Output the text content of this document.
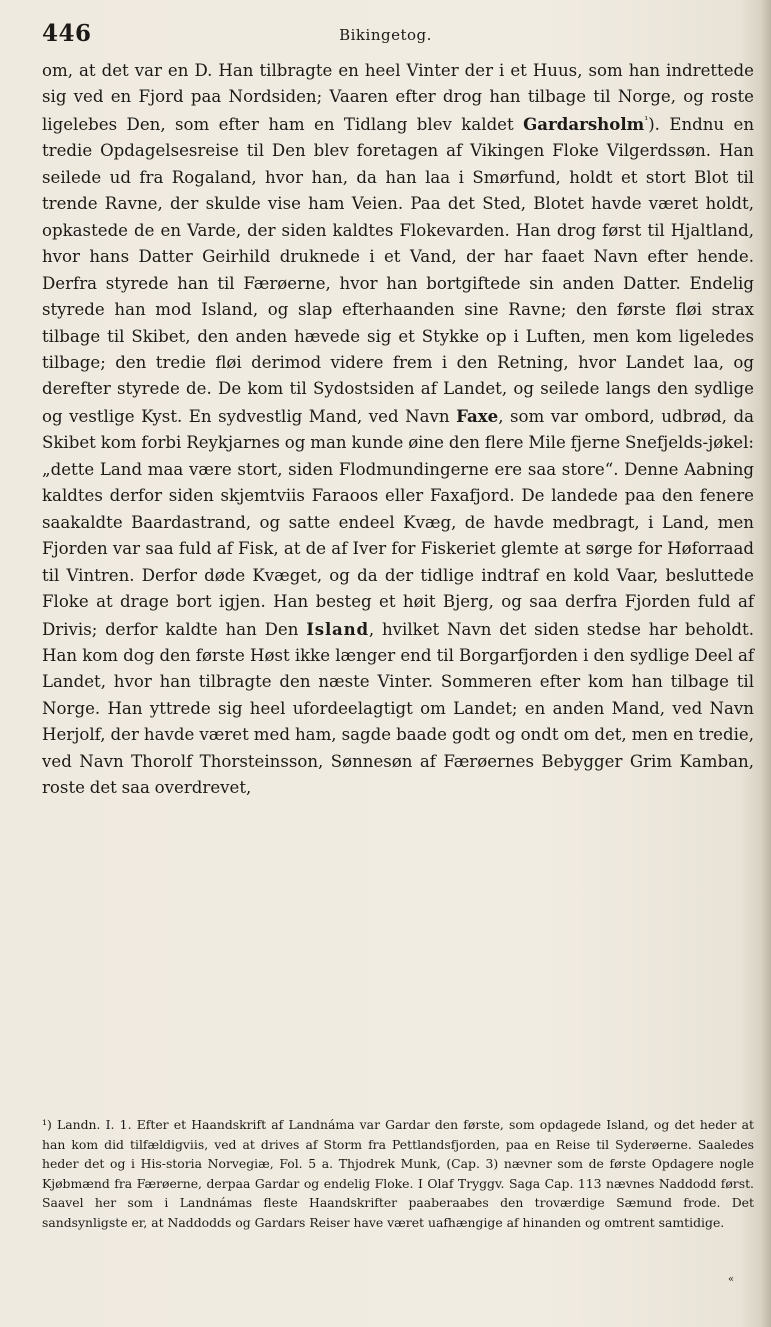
446	Bikingetog.

om, at det var en D. Han tilbragte en heel Vinter der i et Huus, som han indrettede sig ved en Fjord paa Nordsiden; Vaaren efter drog han tilbage til Norge, og roste ligelebes Den, som efter ham en Tidlang blev kaldet Gardarsholm$^{^1}$). Endnu en tredie Opdagelsesreise til Den blev foretagen af Vikingen Floke Vilgerdssøn. Han seilede ud fra Rogaland, hvor han, da han laa i Smørfund, holdt et stort Blot til trende Ravne, der skulde vise ham Veien. Paa det Sted, Blotet havde været holdt, opkastede de en Varde, der siden kaldtes Flokevarden. Han drog først til Hjaltland, hvor hans Datter Geirhild druknede i et Vand, der har faaet Navn efter hende. Derfra styrede han til Færøerne, hvor han bortgiftede sin anden Datter. Endelig styrede han mod Island, og slap efterhaanden sine Ravne; den første fløi strax tilbage til Skibet, den anden hævede sig et Stykke op i Luften, men kom ligeledes tilbage; den tredie fløi derimod videre frem i den Retning, hvor Landet laa, og derefter styrede de. De kom til Sydostsiden af Landet, og seilede langs den sydlige og vestlige Kyst. En sydvestlig Mand, ved Navn Faxe, som var ombord, udbrød, da Skibet kom forbi Reykjarnes og man kunde øine den flere Mile fjerne Snefjelds-jøkel: „dette Land maa være stort, siden Flodmundingerne ere saa store“. Denne Aabning kaldtes derfor siden skjemtviis Faraoos eller Faxafjord. De landede paa den fenere saakaldte Baardastrand, og satte endeel Kvæg, de havde medbragt, i Land, men Fjorden var saa fuld af Fisk, at de af Iver for Fiskeriet glemte at sørge for Høforraad til Vintren. Derfor døde Kvæget, og da der tidlige indtraf en kold Vaar, besluttede Floke at drage bort igjen. Han besteg et høit Bjerg, og saa derfra Fjorden fuld af Drivis; derfor kaldte han Den Island, hvilket Navn det siden stedse har beholdt. Han kom dog den første Høst ikke længer end til Borgarfjorden i den sydlige Deel af Landet, hvor han tilbragte den næste Vinter. Sommeren efter kom han tilbage til Norge. Han yttrede sig heel ufordeelagtigt om Landet; en anden Mand, ved Navn Herjolf, der havde været med ham, sagde baade godt og ondt om det, men en tredie, ved Navn Thorolf Thorsteinsson, Sønnesøn af Færøernes Bebygger Grim Kamban, roste det saa overdrevet,

¹) Landn. I. 1. Efter et Haandskrift af Landnáma var Gardar den første, som opdagede Island, og det heder at han kom did tilfældigviis, ved at drives af Storm fra Pettlandsfjorden, paa en Reise til Syderøerne. Saaledes heder det og i His-storia Norvegiæ, Fol. 5 a. Thjodrek Munk, (Cap. 3) nævner som de første Opdagere nogle Kjøbmænd fra Færøerne, derpaa Gardar og endelig Floke. I Olaf Tryggv. Saga Cap. 113 nævnes Naddodd først. Saavel her som i Landnámas fleste Haandskrifter paaberaabes den troværdige Sæmund frode. Det sandsynligste er, at Naddodds og Gardars Reiser have været uafhængige af hinanden og omtrent samtidige.

«
